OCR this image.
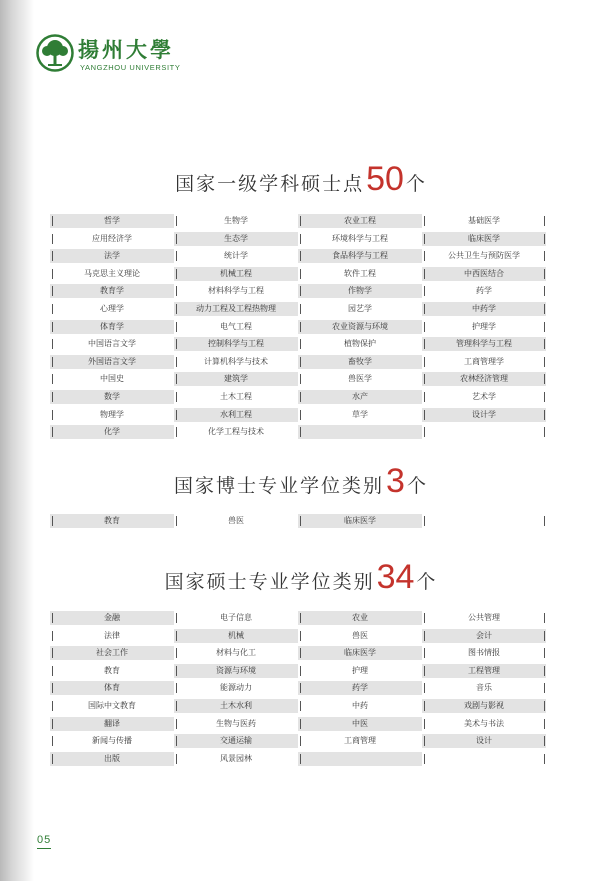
揚州大學
YANGZHOU UNIVERSITY
国家一级学科硕士点50 个
哲学
应用经济学
法学
马克思主义理论
教育学
心理学
体育学
中国语言文学
外国语言文学
中国史
数学
物理学
化学
生物学
生态学
统计学
机械工程
材料科学与工程
动力工程及工程热物理
电气工程
控制科学与工程
计算机科学与技术
建筑学
土木工程
水利工程
化学工程与技术
农业工程
环境科学与工程
食品科学与工程
软件工程
作物学
园艺学
农业资源与环境
植物保护
畜牧学
兽医学
水产
草学
基础医学
临床医学
公共卫生与预防医学
中西医结合
药学
中药学
护理学
管理科学与工程
工商管理学
农林经济管理
艺术学
设计学
国家博士专业学位类别3 个
教育	兽医	临床医学
国家硕士专业学位类别34 个
金融
法律
社会工作
教育
体育
国际中文教育
翻译
新闻与传播
出版
电子信息
机械
材料与化工
资源与环境
能源动力
土木水利
生物与医药
交通运输
风景园林
农业
兽医
临床医学
护理
药学
中药
中医
工商管理
公共管理
会计
图书情报
工程管理
音乐
戏剧与影视
美术与书法
设计
05
